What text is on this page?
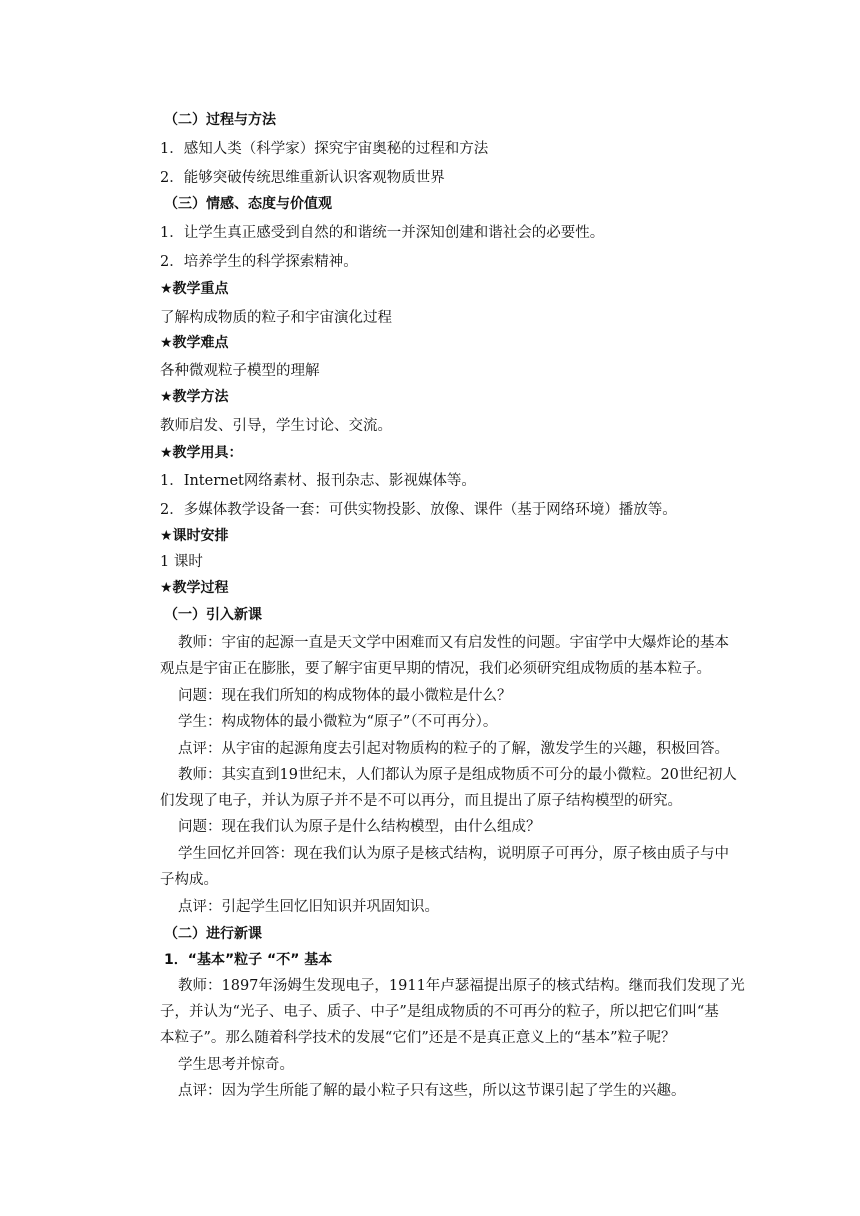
（二）过程与方法
1．感知人类（科学家）探究宇宙奥秘的过程和方法
2．能够突破传统思维重新认识客观物质世界
（三）情感、态度与价值观
1．让学生真正感受到自然的和谐统一并深知创建和谐社会的必要性。
2．培养学生的科学探索精神。
★教学重点
了解构成物质的粒子和宇宙演化过程
★教学难点
各种微观粒子模型的理解
★教学方法
教师启发、引导，学生讨论、交流。
★教学用具：
1．Internet网络素材、报刊杂志、影视媒体等。
2．多媒体教学设备一套：可供实物投影、放像、课件（基于网络环境）播放等。
★课时安排
1 课时
★教学过程
（一）引入新课
教师：宇宙的起源一直是天文学中困难而又有启发性的问题。宇宙学中大爆炸论的基本
观点是宇宙正在膨胀，要了解宇宙更早期的情况，我们必须研究组成物质的基本粒子。
问题：现在我们所知的构成物体的最小微粒是什么？
学生：构成物体的最小微粒为“原子”（不可再分）。
点评：从宇宙的起源角度去引起对物质构的粒子的了解，激发学生的兴趣，积极回答。
教师：其实直到19世纪末，人们都认为原子是组成物质不可分的最小微粒。20世纪初人
们发现了电子，并认为原子并不是不可以再分，而且提出了原子结构模型的研究。
问题：现在我们认为原子是什么结构模型，由什么组成？
学生回忆并回答：现在我们认为原子是核式结构，说明原子可再分，原子核由质子与中
子构成。
点评：引起学生回忆旧知识并巩固知识。
（二）进行新课
1．“基本”粒子 “不” 基本
教师：1897年汤姆生发现电子，1911年卢瑟福提出原子的核式结构。继而我们发现了光
子，并认为“光子、电子、质子、中子”是组成物质的不可再分的粒子，所以把它们叫“基
本粒子”。那么随着科学技术的发展“它们”还是不是真正意义上的“基本”粒子呢？
学生思考并惊奇。
点评：因为学生所能了解的最小粒子只有这些，所以这节课引起了学生的兴趣。
